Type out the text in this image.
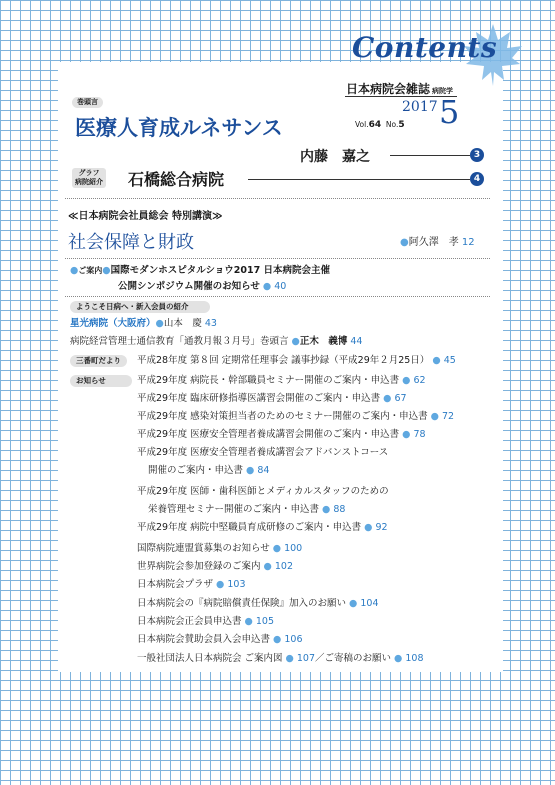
Contents
日本病院会雑誌 病院学
2017 5
Vol.64 No.5
巻頭言
医療人育成ルネサンス
内藤　嘉之	3
グラフ
病院紹介 石橋総合病院	4
≪日本病院会社員総会 特別講演≫
社会保障と財政	●阿久澤　孝 12
●ご案内●国際モダンホスピタルショウ2017 日本病院会主催
公開シンポジウム開催のお知らせ ● 40
ようこそ日病へ・新入会員の紹介
星光病院（大阪府）●山本　慶 43
病院経営管理士通信教育「通教月報３月号」巻頭言 ●正木　義博 44
三番町だより	平成28年度 第８回 定期常任理事会 議事抄録（平成29年２月25日） ● 45
お知らせ	平成29年度 病院長・幹部職員セミナー開催のご案内・申込書 ● 62
平成29年度 臨床研修指導医講習会開催のご案内・申込書 ● 67
平成29年度 感染対策担当者のためのセミナー開催のご案内・申込書 ● 72
平成29年度 医療安全管理者養成講習会開催のご案内・申込書 ● 78
平成29年度 医療安全管理者養成講習会アドバンストコース
開催のご案内・申込書 ● 84
平成29年度 医師・歯科医師とメディカルスタッフのための
栄養管理セミナー開催のご案内・申込書 ● 88
平成29年度 病院中堅職員育成研修のご案内・申込書 ● 92
国際病院連盟賞募集のお知らせ ● 100
世界病院会参加登録のご案内 ● 102
日本病院会プラザ ● 103
日本病院会の『病院賠償責任保険』加入のお願い ● 104
日本病院会正会員申込書 ● 105
日本病院会賛助会員入会申込書 ● 106
一般社団法人日本病院会 ご案内図 ● 107／ご寄稿のお願い ● 108
